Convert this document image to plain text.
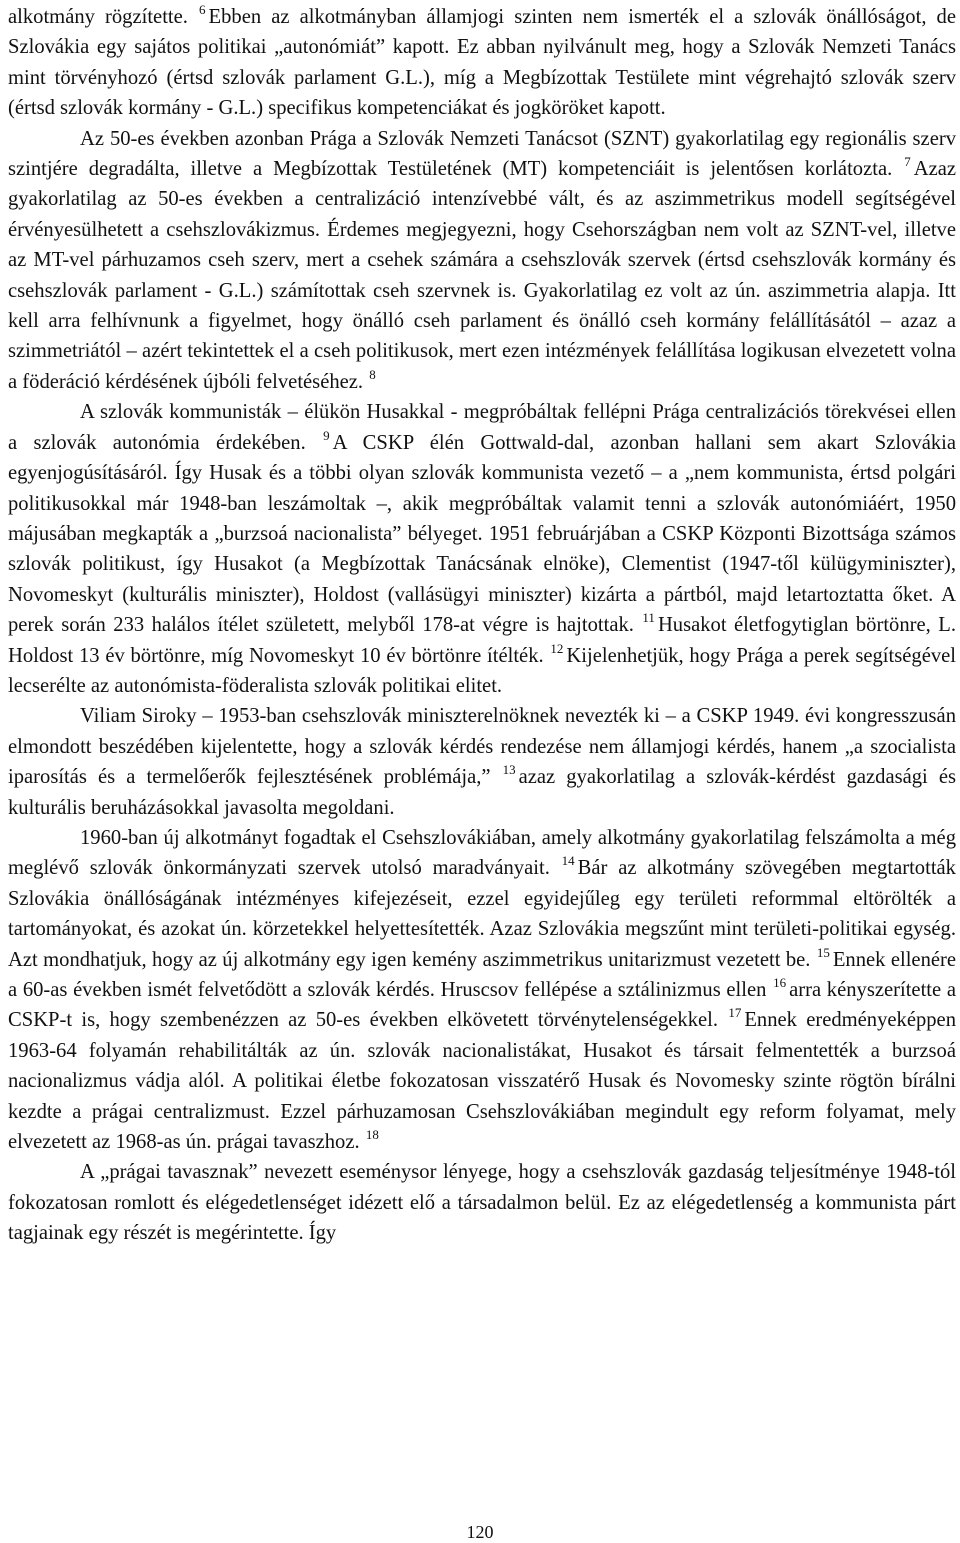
alkotmány rögzítette. $^6$ Ebben az alkotmányban államjogi szinten nem ismerték el a szlovák önállóságot, de Szlovákia egy sajátos politikai „autonómiát” kapott. Ez abban nyilvánult meg, hogy a Szlovák Nemzeti Tanács mint törvényhozó (értsd szlovák parlament G.L.), míg a Megbízottak Testülete mint végrehajtó szlovák szerv (értsd szlovák kormány - G.L.) specifikus kompetenciákat és jogköröket kapott.

Az 50-es években azonban Prága a Szlovák Nemzeti Tanácsot (SZNT) gyakorlatilag egy regionális szerv szintjére degradálta, illetve a Megbízottak Testületének (MT) kompetenciáit is jelentősen korlátozta. $^7$ Azaz gyakorlatilag az 50-es években a centralizáció intenzívebbé vált, és az aszimmetrikus modell segítségével érvényesülhetett a csehszlovákizmus. Érdemes megjegyezni, hogy Csehországban nem volt az SZNT-vel, illetve az MT-vel párhuzamos cseh szerv, mert a csehek számára a csehszlovák szervek (értsd csehszlovák kormány és csehszlovák parlament - G.L.) számítottak cseh szervnek is. Gyakorlatilag ez volt az ún. aszimmetria alapja. Itt kell arra felhívnunk a figyelmet, hogy önálló cseh parlament és önálló cseh kormány felállításától – azaz a szimmetriától – azért tekintettek el a cseh politikusok, mert ezen intézmények felállítása logikusan elvezetett volna a föderáció kérdésének újbóli felvetéséhez. $^8$

A szlovák kommunisták – élükön Husakkal - megpróbáltak fellépni Prága centralizációs törekvései ellen a szlovák autonómia érdekében. $^9$ A CSKP élén Gottwald-dal, azonban hallani sem akart Szlovákia egyenjogúsításáról. Így Husak és a többi olyan szlovák kommunista vezető – a „nem kommunista, értsd polgári politikusokkal már 1948-ban leszámoltak –, akik megpróbáltak valamit tenni a szlovák autonómiáért, 1950 májusában megkapták a „burzsoá nacionalista” bélyeget. 1951 februárjában a CSKP Központi Bizottsága számos szlovák politikust, így Husakot (a Megbízottak Tanácsának elnöke), Clementist (1947-től külügyminiszter), Novomeskyt (kulturális miniszter), Holdost (vallásügyi miniszter) kizárta a pártból, majd letartoztatta őket. A perek során 233 halálos ítélet született, melyből 178-at végre is hajtottak. $^{11}$ Husakot életfogytiglan börtönre, L. Holdost 13 év börtönre, míg Novomeskyt 10 év börtönre ítélték. $^{12}$ Kijelenhetjük, hogy Prága a perek segítségével lecserélte az autonómista-föderalista szlovák politikai elitet.

Viliam Siroky – 1953-ban csehszlovák miniszterelnöknek nevezték ki – a CSKP 1949. évi kongresszusán elmondott beszédében kijelentette, hogy a szlovák kérdés rendezése nem államjogi kérdés, hanem „a szocialista iparosítás és a termelőerők fejlesztésének problémája,” $^{13}$ azaz gyakorlatilag a szlovák-kérdést gazdasági és kulturális beruházásokkal javasolta megoldani.

1960-ban új alkotmányt fogadtak el Csehszlovákiában, amely alkotmány gyakorlatilag felszámolta a még meglévő szlovák önkormányzati szervek utolsó maradványait. $^{14}$ Bár az alkotmány szövegében megtartották Szlovákia önállóságának intézményes kifejezéseit, ezzel egyidejűleg egy területi reformmal eltörölték a tartományokat, és azokat ún. körzetekkel helyettesítették. Azaz Szlovákia megszűnt mint területi-politikai egység. Azt mondhatjuk, hogy az új alkotmány egy igen kemény aszimmetrikus unitarizmust vezetett be. $^{15}$ Ennek ellenére a 60-as években ismét felvetődött a szlovák kérdés. Hruscsov fellépése a sztálinizmus ellen $^{16}$ arra kényszerítette a CSKP-t is, hogy szembenézzen az 50-es években elkövetett törvénytelenségekkel. $^{17}$ Ennek eredményeképpen 1963-64 folyamán rehabilitálták az ún. szlovák nacionalistákat, Husakot és társait felmentették a burzsoá nacionalizmus vádja alól. A politikai életbe fokozatosan visszatérő Husak és Novomesky szinte rögtön bírálni kezdte a prágai centralizmust. Ezzel párhuzamosan Csehszlovákiában megindult egy reform folyamat, mely elvezetett az 1968-as ún. prágai tavaszhoz. $^{18}$

A „prágai tavasznak” nevezett eseménysor lényege, hogy a csehszlovák gazdaság teljesítménye 1948-tól fokozatosan romlott és elégedetlenséget idézett elő a társadalmon belül. Ez az elégedetlenség a kommunista párt tagjainak egy részét is megérintette. Így

120
